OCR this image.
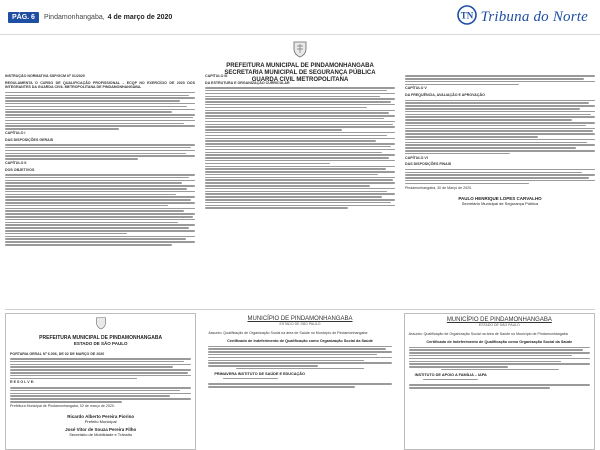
PÁG. 6	Pindamonhangaba, 4 de março de 2020	TN Tribuna do Norte
PREFEITURA MUNICIPAL DE PINDAMONHANGABA
SECRETARIA MUNICIPAL DE SEGURANÇA PÚBLICA
GUARDA CIVIL METROPOLITANA

INSTRUÇÃO NORMATIVA SSP/GCM Nº 01/2020

REGULAMENTA O CURSO DE QUALIFICAÇÃO PROFISSIONAL – ECQP NO EXERCÍCIO DE 2020 DOS INTEGRANTES DA GUARDA CIVIL METROPOLITANA DE PINDAMONHANGABA.

CAPÍTULO I

DAS DISPOSIÇÕES GERAIS

CAPÍTULO II

DOS OBJETIVOS

CAPÍTULO III

DA ESTRUTURA E ORGANIZAÇÃO CURRICULAR

CAPÍTULO V

DA FREQUÊNCIA, AVALIAÇÃO E APROVAÇÃO

CAPÍTULO VI

DAS DISPOSIÇÕES FINAIS

Pindamonhangaba, 30 de Março de 2020.

PAULO HENRIQUE LOPES CARVALHO
Secretário Municipal de Segurança Pública
PREFEITURA MUNICIPAL DE PINDAMONHANGABA
ESTADO DE SÃO PAULO

PORTARIA GERAL Nº 6.006, DE 02 DE MARÇO DE 2020

R E S O L V E:

Prefeitura Municipal de Pindamonhangaba, 02 de março de 2020.

Ricardo Alberto Pereira Piorino
Prefeito Municipal
José Vitor de Souza Pereira Filho
Secretário de Mobilidade e Trânsito
MUNICÍPIO DE PINDAMONHANGABA
ESTADO DE SÃO PAULO

Assunto: Qualificação de Organização Social na área de Saúde no Município de Pindamonhangaba

Certificado de Indeferimento de Qualificação como Organização Social da Saúde
PRIMAVERA INSTITUTO DE SAÚDE E EDUCAÇÃO
MUNICÍPIO DE PINDAMONHANGABA
ESTADO DE SÃO PAULO

Assunto: Qualificação de Organização Social na área de Saúde no Município de Pindamonhangaba

Certificado de Indeferimento de Qualificação como Organização Social da Saúde
INSTITUTO DE APOIO A FAMÍLIA – IAPA
